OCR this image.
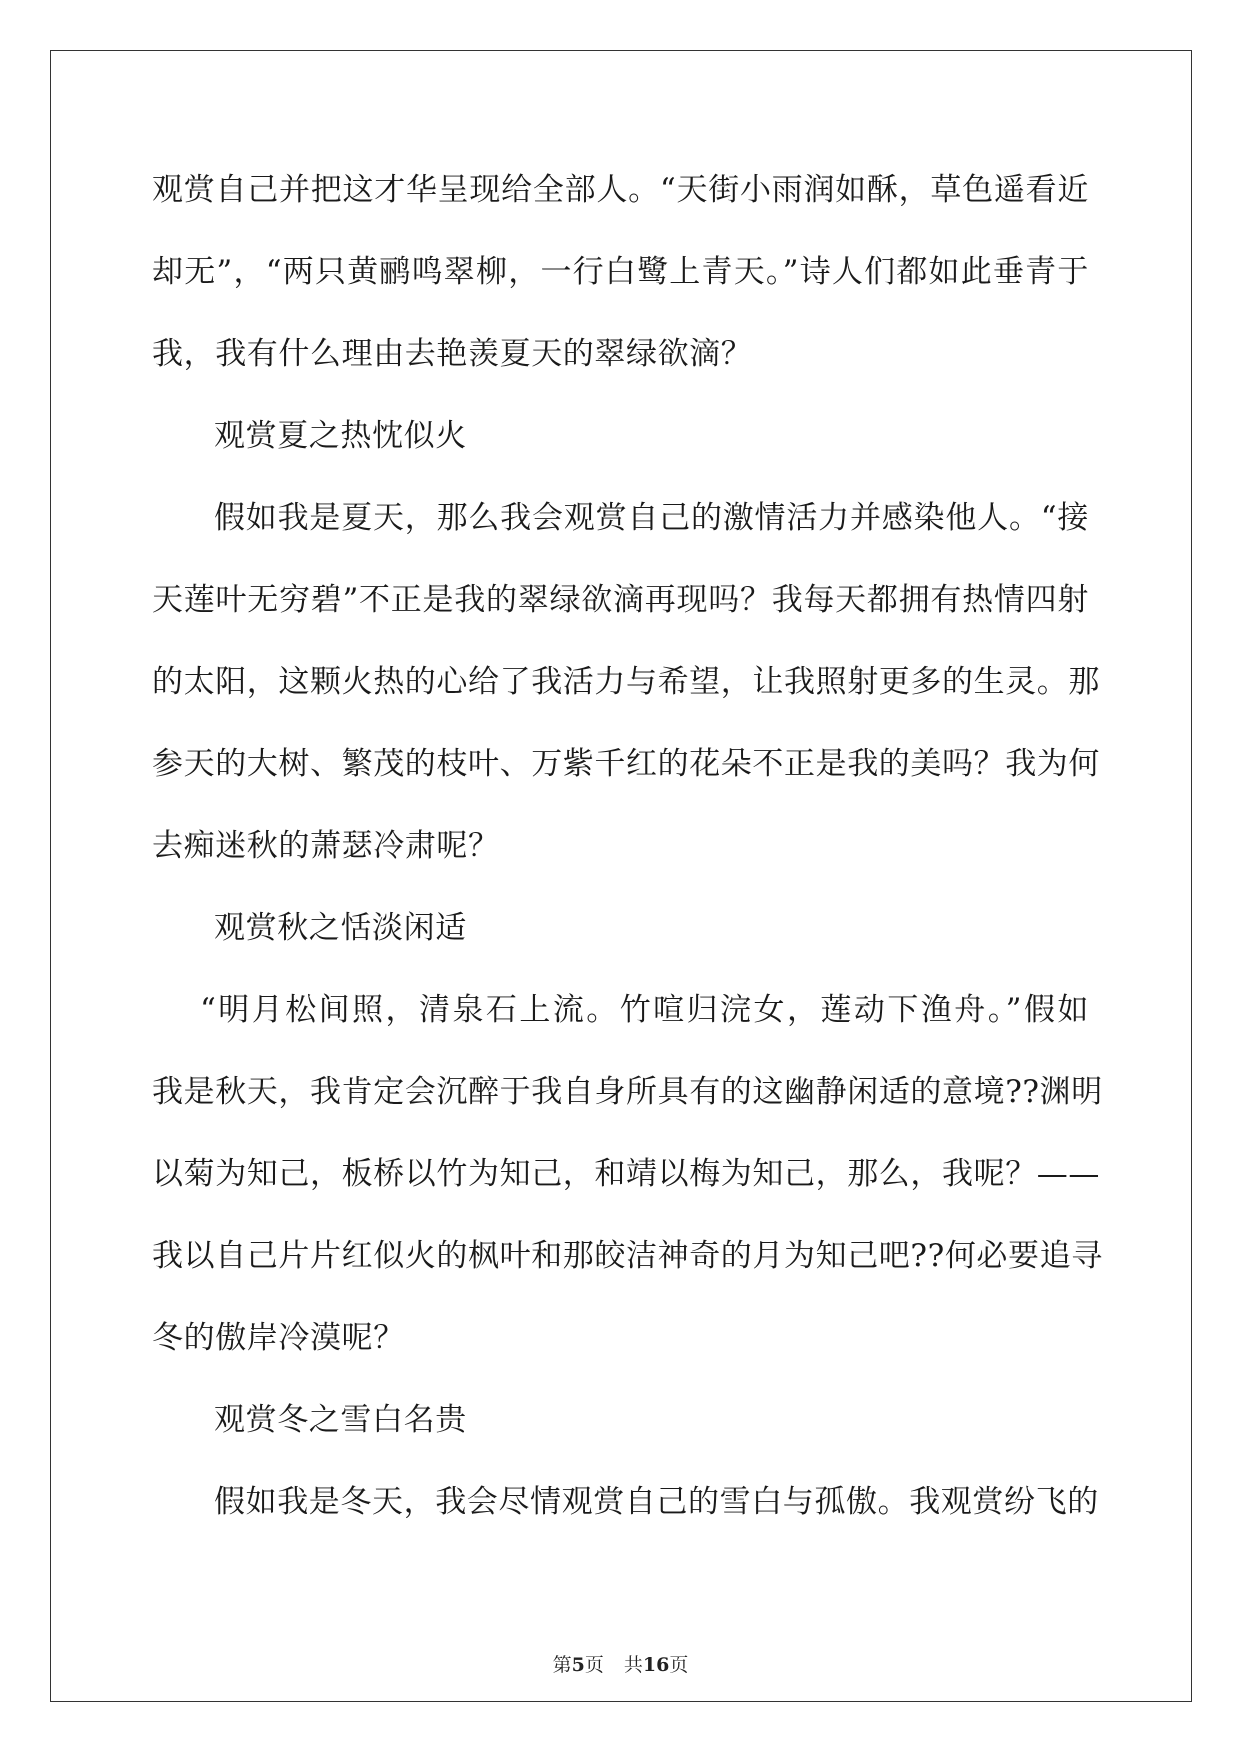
观赏自己并把这才华呈现给全部人。“天街小雨润如酥，草色遥看近
却无”，“两只黄鹂鸣翠柳，一行白鹭上青天。”诗人们都如此垂青于
我，我有什么理由去艳羡夏天的翠绿欲滴？
观赏夏之热忱似火
假如我是夏天，那么我会观赏自己的激情活力并感染他人。“接
天莲叶无穷碧”不正是我的翠绿欲滴再现吗？我每天都拥有热情四射
的太阳，这颗火热的心给了我活力与希望，让我照射更多的生灵。那
参天的大树、繁茂的枝叶、万紫千红的花朵不正是我的美吗？我为何
去痴迷秋的萧瑟冷肃呢？
观赏秋之恬淡闲适
“明月松间照，清泉石上流。竹喧归浣女，莲动下渔舟。”假如
我是秋天，我肯定会沉醉于我自身所具有的这幽静闲适的意境??渊明
以菊为知己，板桥以竹为知己，和靖以梅为知己，那么，我呢？——
我以自己片片红似火的枫叶和那皎洁神奇的月为知己吧??何必要追寻
冬的傲岸冷漠呢？
观赏冬之雪白名贵
假如我是冬天，我会尽情观赏自己的雪白与孤傲。我观赏纷飞的
第5页 共16页
